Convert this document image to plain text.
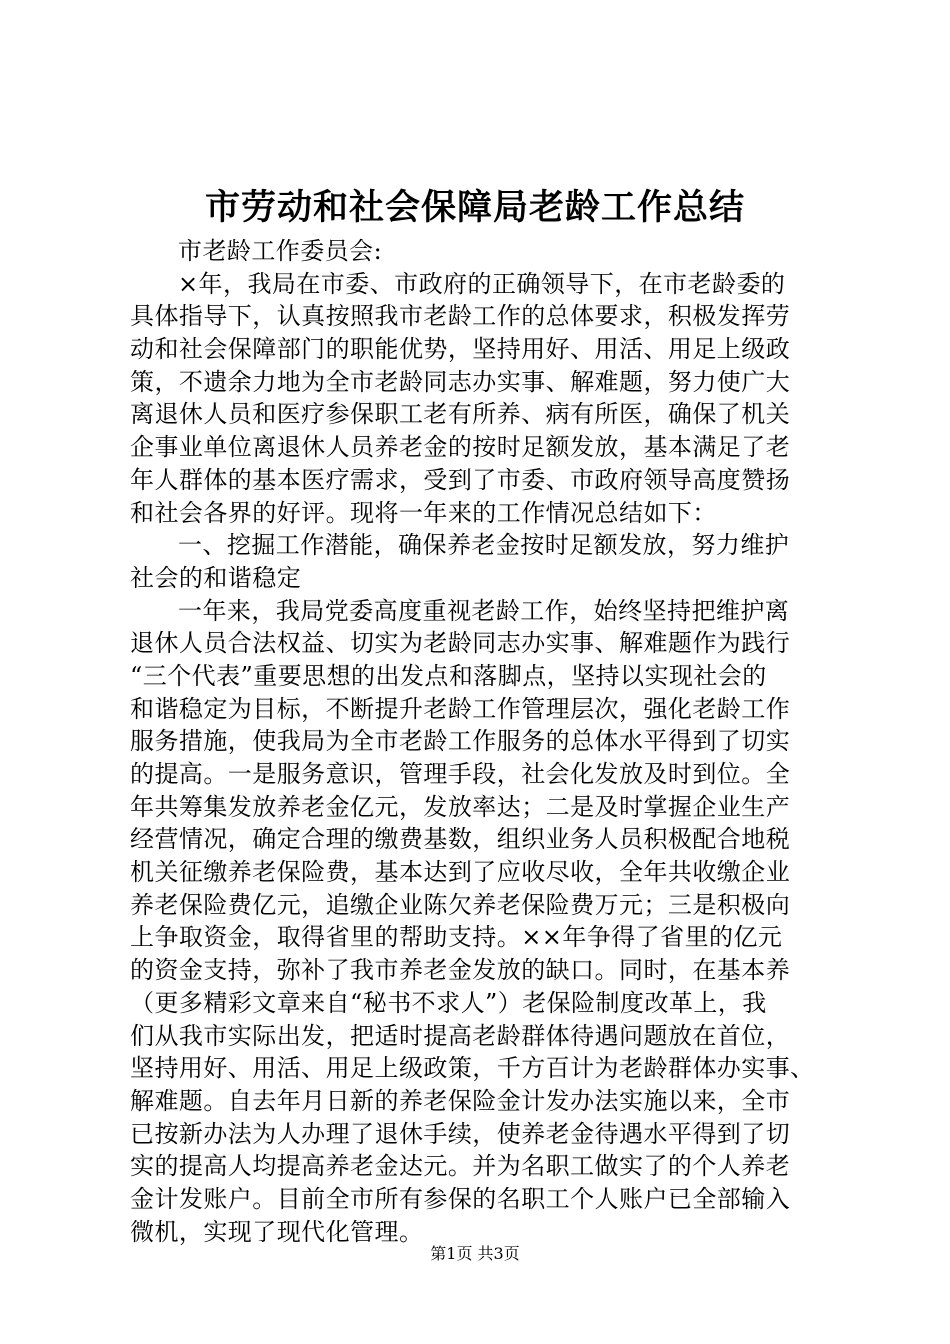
市劳动和社会保障局老龄工作总结
市老龄工作委员会:
×年，我局在市委、市政府的正确领导下，在市老龄委的
具体指导下，认真按照我市老龄工作的总体要求，积极发挥劳
动和社会保障部门的职能优势，坚持用好、用活、用足上级政
策，不遗余力地为全市老龄同志办实事、解难题，努力使广大
离退休人员和医疗参保职工老有所养、病有所医，确保了机关
企事业单位离退休人员养老金的按时足额发放，基本满足了老
年人群体的基本医疗需求，受到了市委、市政府领导高度赞扬
和社会各界的好评。现将一年来的工作情况总结如下：
一、挖掘工作潜能，确保养老金按时足额发放，努力维护
社会的和谐稳定
一年来，我局党委高度重视老龄工作，始终坚持把维护离
退休人员合法权益、切实为老龄同志办实事、解难题作为践行
“三个代表”重要思想的出发点和落脚点，坚持以实现社会的
和谐稳定为目标，不断提升老龄工作管理层次，强化老龄工作
服务措施，使我局为全市老龄工作服务的总体水平得到了切实
的提高。一是服务意识，管理手段，社会化发放及时到位。全
年共筹集发放养老金亿元，发放率达；二是及时掌握企业生产
经营情况，确定合理的缴费基数，组织业务人员积极配合地税
机关征缴养老保险费，基本达到了应收尽收，全年共收缴企业
养老保险费亿元，追缴企业陈欠养老保险费万元；三是积极向
上争取资金，取得省里的帮助支持。××年争得了省里的亿元
的资金支持，弥补了我市养老金发放的缺口。同时，在基本养
（更多精彩文章来自“秘书不求人”）老保险制度改革上，我
们从我市实际出发，把适时提高老龄群体待遇问题放在首位，
坚持用好、用活、用足上级政策，千方百计为老龄群体办实事、
解难题。自去年月日新的养老保险金计发办法实施以来，全市
已按新办法为人办理了退休手续，使养老金待遇水平得到了切
实的提高人均提高养老金达元。并为名职工做实了的个人养老
金计发账户。目前全市所有参保的名职工个人账户已全部输入
微机，实现了现代化管理。
第1页 共3页
